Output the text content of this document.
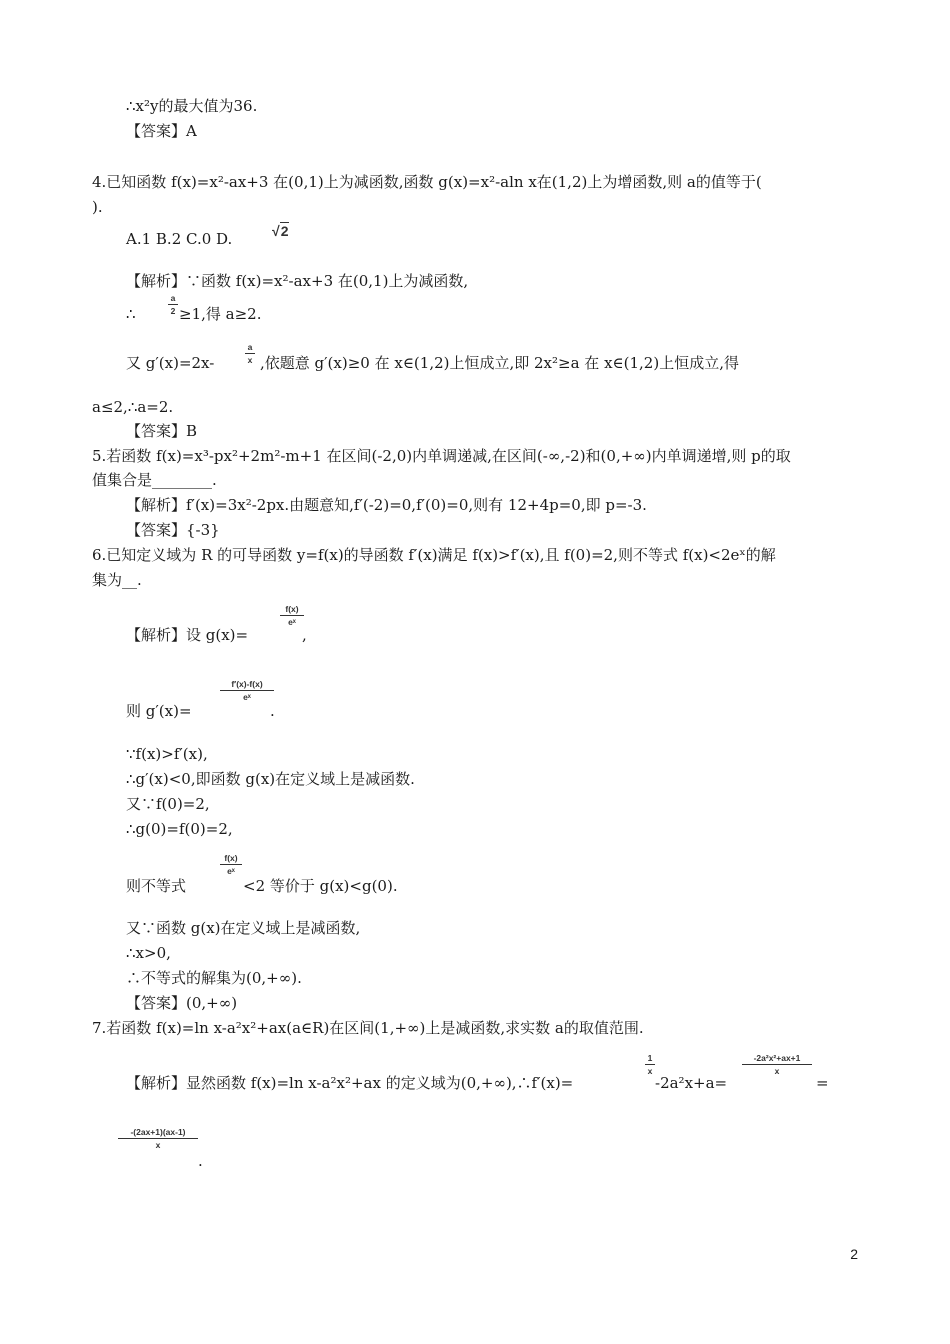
∴x²y的最大值为36.
【答案】A
4.已知函数 f(x)=x²-ax+3 在(0,1)上为减函数,函数 g(x)=x²-aln x在(1,2)上为增函数,则 a的值等于(
).
A.1 B.2 C.0 D.	√2
【解析】∵函数 f(x)=x²-ax+3 在(0,1)上为减函数,
∴
a
2 ≥1,得 a≥2.
又 g′(x)=2x-
a
x ,依题意 g′(x)≥0 在 x∈(1,2)上恒成立,即 2x²≥a 在 x∈(1,2)上恒成立,得
a≤2,∴a=2.
【答案】B
5.若函数 f(x)=x³-px²+2m²-m+1 在区间(-2,0)内单调递减,在区间(-∞,-2)和(0,+∞)内单调递增,则 p的取
值集合是________.
【解析】f′(x)=3x²-2px.由题意知,f′(-2)=0,f′(0)=0,则有 12+4p=0,即 p=-3.
【答案】{-3}
6.已知定义域为 R 的可导函数 y=f(x)的导函数 f′(x)满足 f(x)>f′(x),且 f(0)=2,则不等式 f(x)<2eˣ的解
集为__.
【解析】设 g(x)=
f(x)
eˣ
,
则 g′(x)=
f′(x)-f(x)
eˣ
.
∵f(x)>f′(x),
∴g′(x)<0,即函数 g(x)在定义域上是减函数.
又∵f(0)=2,
∴g(0)=f(0)=2,
则不等式
f(x)
eˣ
<2 等价于 g(x)<g(0).
又∵函数 g(x)在定义域上是减函数,
∴x>0,
∴不等式的解集为(0,+∞).
【答案】(0,+∞)
7.若函数 f(x)=ln x-a²x²+ax(a∈R)在区间(1,+∞)上是减函数,求实数 a的取值范围.
【解析】显然函数 f(x)=ln x-a²x²+ax 的定义域为(0,+∞),∴f′(x)=
1
x
-2a²x+a=
-2a²x²+ax+1
x
=
-(2ax+1)(ax-1)
x
.
2
